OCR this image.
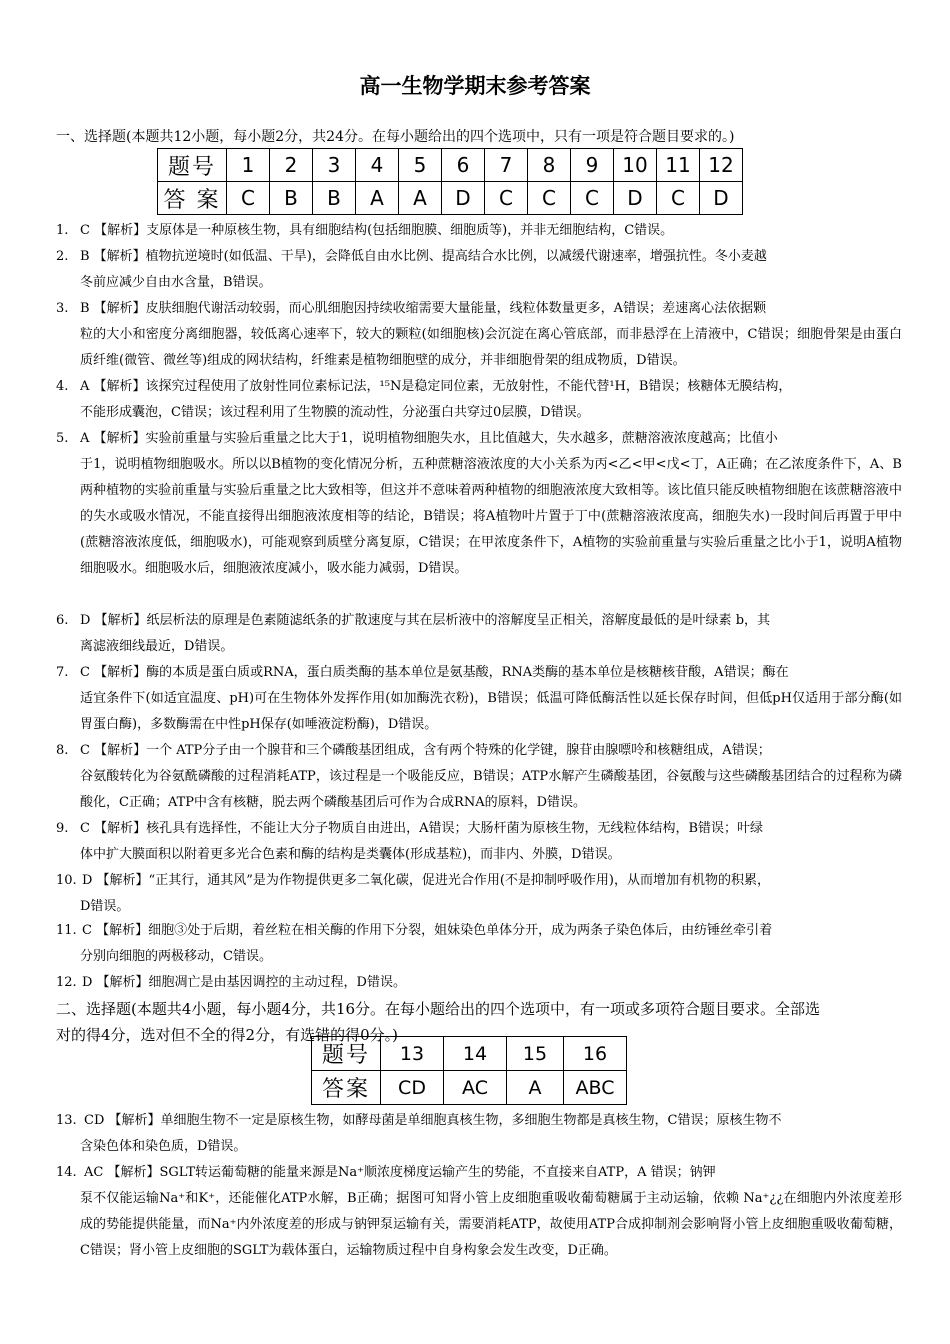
高一生物学期末参考答案
一、选择题(本题共12小题，每小题2分，共24分。在每小题给出的四个选项中，只有一项是符合题目要求的。)
题号	1	2	3	4	5	6	7	8	9	10	11	12
答 案	C	B	B	A	A	D	C	C	C	D	C	D
1. C 【解析】支原体是一种原核生物，具有细胞结构(包括细胞膜、细胞质等)，并非无细胞结构，C错误。
2. B 【解析】植物抗逆境时(如低温、干旱)，会降低自由水比例、提高结合水比例，以减缓代谢速率，增强抗性。冬小麦越
冬前应减少自由水含量，B错误。
3. B 【解析】皮肤细胞代谢活动较弱，而心肌细胞因持续收缩需要大量能量，线粒体数量更多，A错误；差速离心法依据颗
粒的大小和密度分离细胞器，较低离心速率下，较大的颗粒(如细胞核)会沉淀在离心管底部，而非悬浮在上清液中，C错误；细胞骨架是由蛋白质纤维(微管、微丝等)组成的网状结构，纤维素是植物细胞壁的成分，并非细胞骨架的组成物质，D错误。
4. A 【解析】该探究过程使用了放射性同位素标记法，¹⁵N是稳定同位素，无放射性，不能代替¹H，B错误；核糖体无膜结构，
不能形成囊泡，C错误；该过程利用了生物膜的流动性，分泌蛋白共穿过0层膜，D错误。
5. A 【解析】实验前重量与实验后重量之比大于1，说明植物细胞失水，且比值越大，失水越多，蔗糖溶液浓度越高；比值小
于1，说明植物细胞吸水。所以以B植物的变化情况分析，五种蔗糖溶液浓度的大小关系为丙<乙<甲<戊<丁，A正确；在乙浓度条件下，A、B两种植物的实验前重量与实验后重量之比大致相等，但这并不意味着两种植物的细胞液浓度大致相等。该比值只能反映植物细胞在该蔗糖溶液中的失水或吸水情况，不能直接得出细胞液浓度相等的结论，B错误；将A植物叶片置于丁中(蔗糖溶液浓度高，细胞失水)一段时间后再置于甲中(蔗糖溶液浓度低，细胞吸水)，可能观察到质壁分离复原，C错误；在甲浓度条件下，A植物的实验前重量与实验后重量之比小于1，说明A植物细胞吸水。细胞吸水后，细胞液浓度减小，吸水能力减弱，D错误。
6. D 【解析】纸层析法的原理是色素随滤纸条的扩散速度与其在层析液中的溶解度呈正相关，溶解度最低的是叶绿素 b，其
离滤液细线最近，D错误。
7. C 【解析】酶的本质是蛋白质或RNA，蛋白质类酶的基本单位是氨基酸，RNA类酶的基本单位是核糖核苷酸，A错误；酶在
适宜条件下(如适宜温度、pH)可在生物体外发挥作用(如加酶洗衣粉)，B错误；低温可降低酶活性以延长保存时间，但低pH仅适用于部分酶(如胃蛋白酶)，多数酶需在中性pH保存(如唾液淀粉酶)，D错误。
8. C 【解析】一个 ATP分子由一个腺苷和三个磷酸基团组成，含有两个特殊的化学键，腺苷由腺嘌呤和核糖组成，A错误；
谷氨酸转化为谷氨酰磷酸的过程消耗ATP，该过程是一个吸能反应，B错误；ATP水解产生磷酸基团，谷氨酸与这些磷酸基团结合的过程称为磷酸化，C正确；ATP中含有核糖，脱去两个磷酸基团后可作为合成RNA的原料，D错误。
9. C 【解析】核孔具有选择性，不能让大分子物质自由进出，A错误；大肠杆菌为原核生物，无线粒体结构，B错误；叶绿
体中扩大膜面积以附着更多光合色素和酶的结构是类囊体(形成基粒)，而非内、外膜，D错误。
10. D 【解析】“正其行，通其风”是为作物提供更多二氧化碳，促进光合作用(不是抑制呼吸作用)，从而增加有机物的积累，
D错误。
11. C 【解析】细胞③处于后期，着丝粒在相关酶的作用下分裂，姐妹染色单体分开，成为两条子染色体后，由纺锤丝牵引着
分别向细胞的两极移动，C错误。
12. D 【解析】细胞凋亡是由基因调控的主动过程，D错误。
二、选择题(本题共4小题，每小题4分，共16分。在每小题给出的四个选项中，有一项或多项符合题目要求。全部选
对的得4分，选对但不全的得2分，有选错的得0分。)
题号	13	14	15	16
答案	CD	AC	A	ABC
13. CD 【解析】单细胞生物不一定是原核生物，如酵母菌是单细胞真核生物，多细胞生物都是真核生物，C错误；原核生物不
含染色体和染色质，D错误。
14. AC 【解析】SGLT转运葡萄糖的能量来源是Na⁺顺浓度梯度运输产生的势能，不直接来自ATP，A 错误；钠钾
泵不仅能运输Na⁺和K⁺，还能催化ATP水解，B正确；据图可知肾小管上皮细胞重吸收葡萄糖属于主动运输，依赖 Na⁺¿¿在细胞内外浓度差形成的势能提供能量，而Na⁺内外浓度差的形成与钠钾泵运输有关，需要消耗ATP，故使用ATP合成抑制剂会影响肾小管上皮细胞重吸收葡萄糖，C错误；肾小管上皮细胞的SGLT为载体蛋白，运输物质过程中自身构象会发生改变，D正确。
